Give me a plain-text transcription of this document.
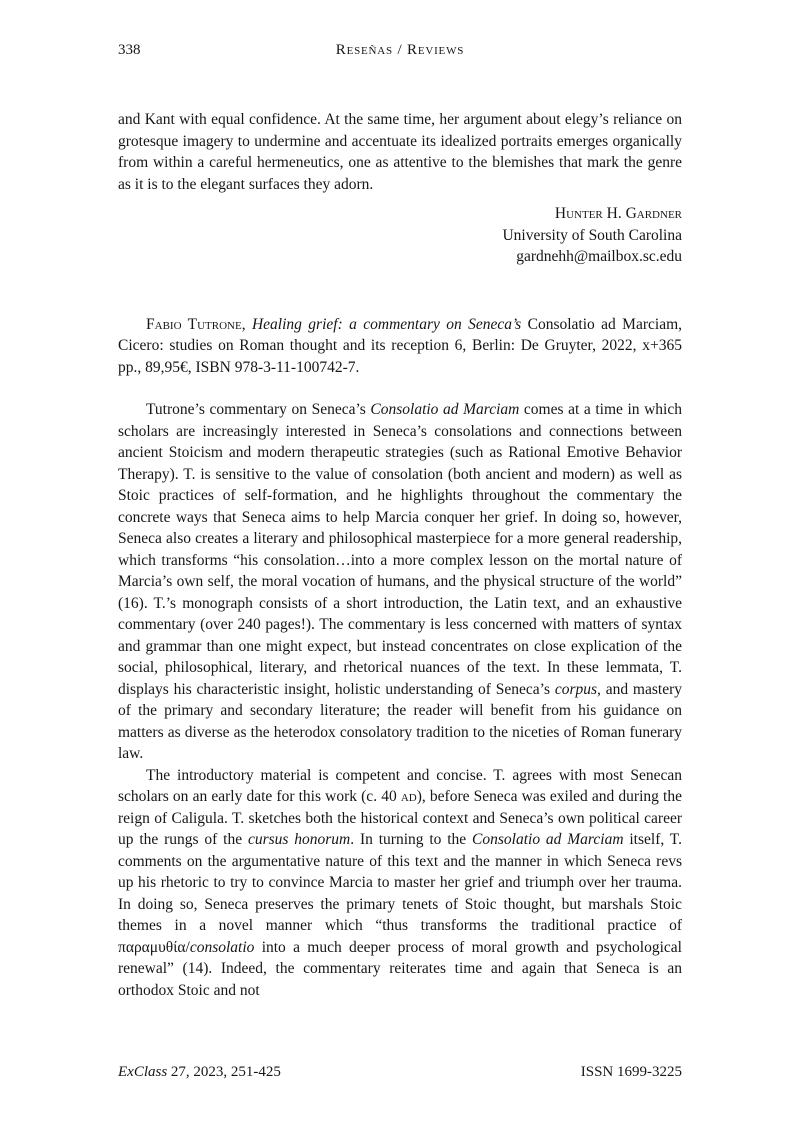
338	Reseñas / Reviews

and Kant with equal confidence. At the same time, her argument about elegy’s reliance on grotesque imagery to undermine and accentuate its idealized portraits emerges organically from within a careful hermeneutics, one as attentive to the blemishes that mark the genre as it is to the elegant surfaces they adorn.

Hunter H. Gardner
University of South Carolina
gardnehh@mailbox.sc.edu

Fabio Tutrone, Healing grief: a commentary on Seneca’s Consolatio ad Marciam, Cicero: studies on Roman thought and its reception 6, Berlin: De Gruyter, 2022, x+365 pp., 89,95€, ISBN 978-3-11-100742-7.

Tutrone’s commentary on Seneca’s Consolatio ad Marciam comes at a time in which scholars are increasingly interested in Seneca’s consolations and connections between ancient Stoicism and modern therapeutic strategies (such as Rational Emotive Behavior Therapy). T. is sensitive to the value of consolation (both ancient and modern) as well as Stoic practices of self-formation, and he highlights throughout the commentary the concrete ways that Seneca aims to help Marcia conquer her grief. In doing so, however, Seneca also creates a literary and philosophical masterpiece for a more general readership, which transforms “his consolation…into a more complex lesson on the mortal nature of Marcia’s own self, the moral vocation of humans, and the physical structure of the world” (16). T.’s monograph consists of a short introduction, the Latin text, and an exhaustive commentary (over 240 pages!). The commentary is less concerned with matters of syntax and grammar than one might expect, but instead concentrates on close explication of the social, philosophical, literary, and rhetorical nuances of the text. In these lemmata, T. displays his characteristic insight, holistic understanding of Seneca’s corpus, and mastery of the primary and secondary literature; the reader will benefit from his guidance on matters as diverse as the heterodox consolatory tradition to the niceties of Roman funerary law.

The introductory material is competent and concise. T. agrees with most Senecan scholars on an early date for this work (c. 40 ad), before Seneca was exiled and during the reign of Caligula. T. sketches both the historical context and Seneca’s own political career up the rungs of the cursus honorum. In turning to the Consolatio ad Marciam itself, T. comments on the argumentative nature of this text and the manner in which Seneca revs up his rhetoric to try to convince Marcia to master her grief and triumph over her trauma. In doing so, Seneca preserves the primary tenets of Stoic thought, but marshals Stoic themes in a novel manner which “thus transforms the traditional practice of παραμυθία/consolatio into a much deeper process of moral growth and psychological renewal” (14). Indeed, the commentary reiterates time and again that Seneca is an orthodox Stoic and not

ExClass 27, 2023, 251-425	ISSN 1699-3225
